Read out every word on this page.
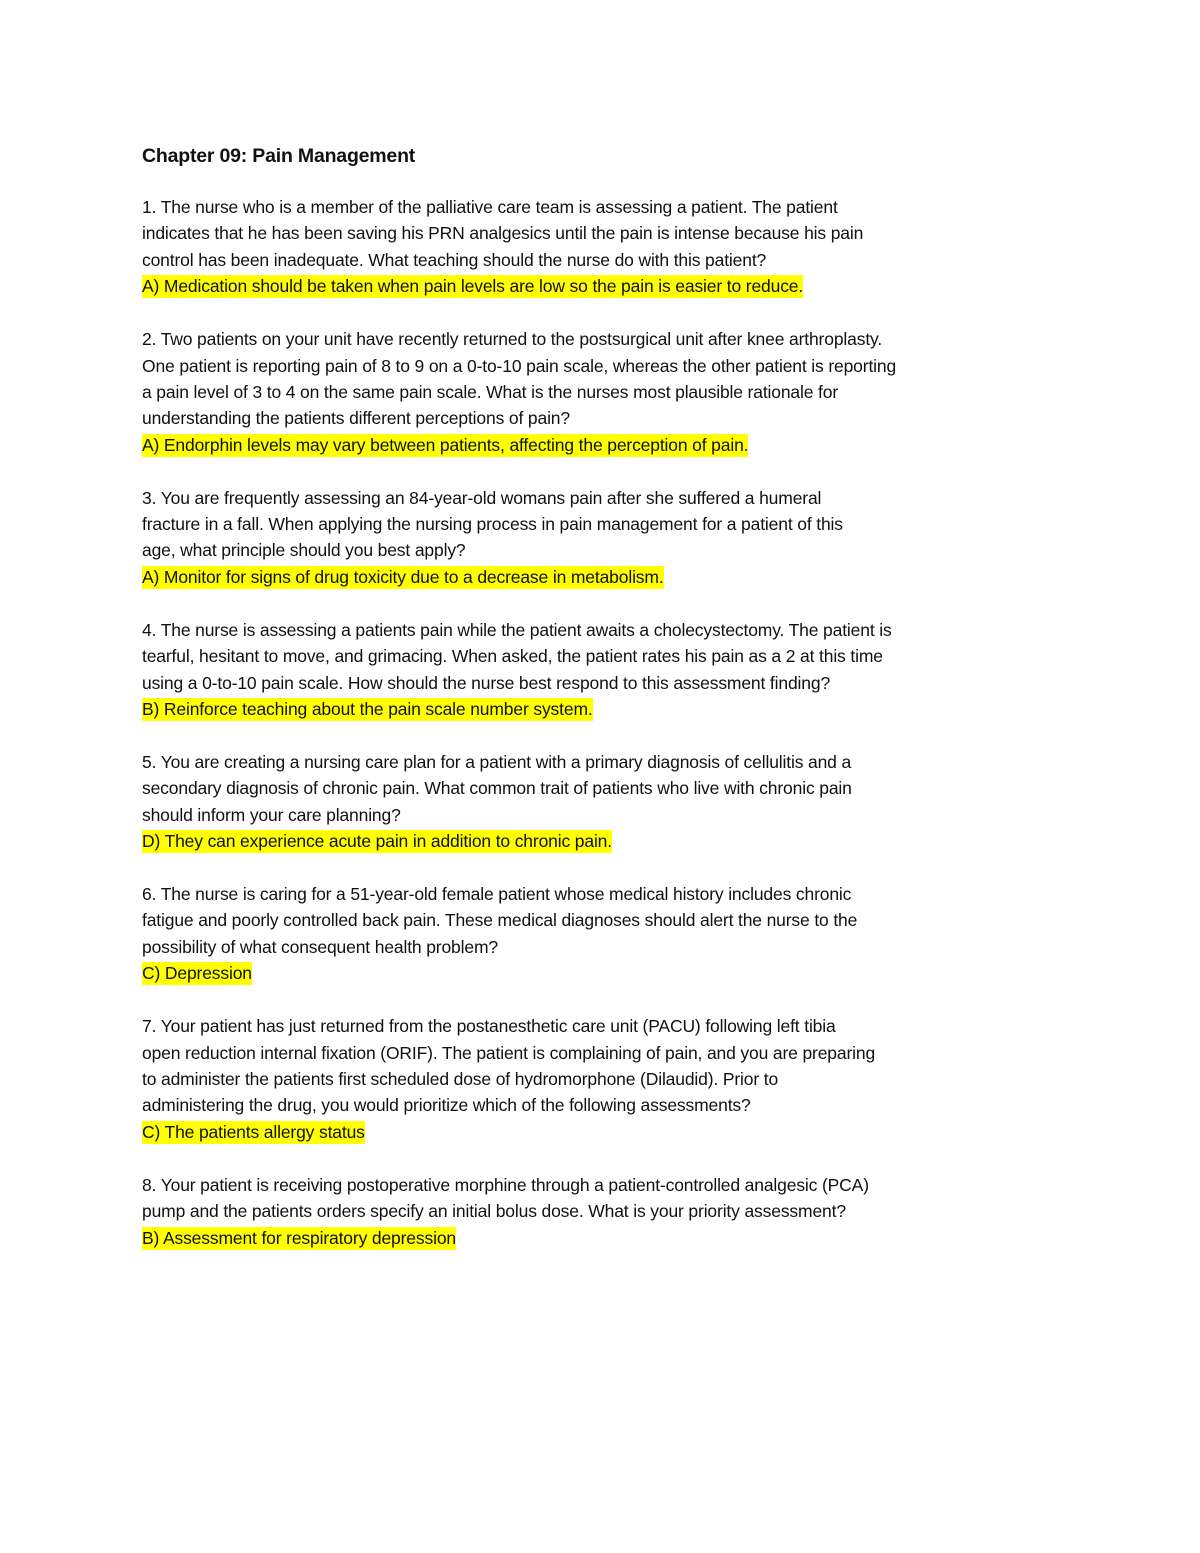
Chapter 09: Pain Management

1. The nurse who is a member of the palliative care team is assessing a patient. The patient indicates that he has been saving his PRN analgesics until the pain is intense because his pain control has been inadequate. What teaching should the nurse do with this patient?

A) Medication should be taken when pain levels are low so the pain is easier to reduce.

2. Two patients on your unit have recently returned to the postsurgical unit after knee arthroplasty. One patient is reporting pain of 8 to 9 on a 0-to-10 pain scale, whereas the other patient is reporting a pain level of 3 to 4 on the same pain scale. What is the nurses most plausible rationale for understanding the patients different perceptions of pain?

A) Endorphin levels may vary between patients, affecting the perception of pain.

3. You are frequently assessing an 84-year-old womans pain after she suffered a humeral fracture in a fall. When applying the nursing process in pain management for a patient of this age, what principle should you best apply?

A) Monitor for signs of drug toxicity due to a decrease in metabolism.

4. The nurse is assessing a patients pain while the patient awaits a cholecystectomy. The patient is tearful, hesitant to move, and grimacing. When asked, the patient rates his pain as a 2 at this time using a 0-to-10 pain scale. How should the nurse best respond to this assessment finding?

B) Reinforce teaching about the pain scale number system.

5. You are creating a nursing care plan for a patient with a primary diagnosis of cellulitis and a secondary diagnosis of chronic pain. What common trait of patients who live with chronic pain should inform your care planning?

D) They can experience acute pain in addition to chronic pain.

6. The nurse is caring for a 51-year-old female patient whose medical history includes chronic fatigue and poorly controlled back pain. These medical diagnoses should alert the nurse to the possibility of what consequent health problem?

C) Depression

7. Your patient has just returned from the postanesthetic care unit (PACU) following left tibia open reduction internal fixation (ORIF). The patient is complaining of pain, and you are preparing to administer the patients first scheduled dose of hydromorphone (Dilaudid). Prior to administering the drug, you would prioritize which of the following assessments?

C) The patients allergy status

8. Your patient is receiving postoperative morphine through a patient-controlled analgesic (PCA) pump and the patients orders specify an initial bolus dose. What is your priority assessment?

B) Assessment for respiratory depression
